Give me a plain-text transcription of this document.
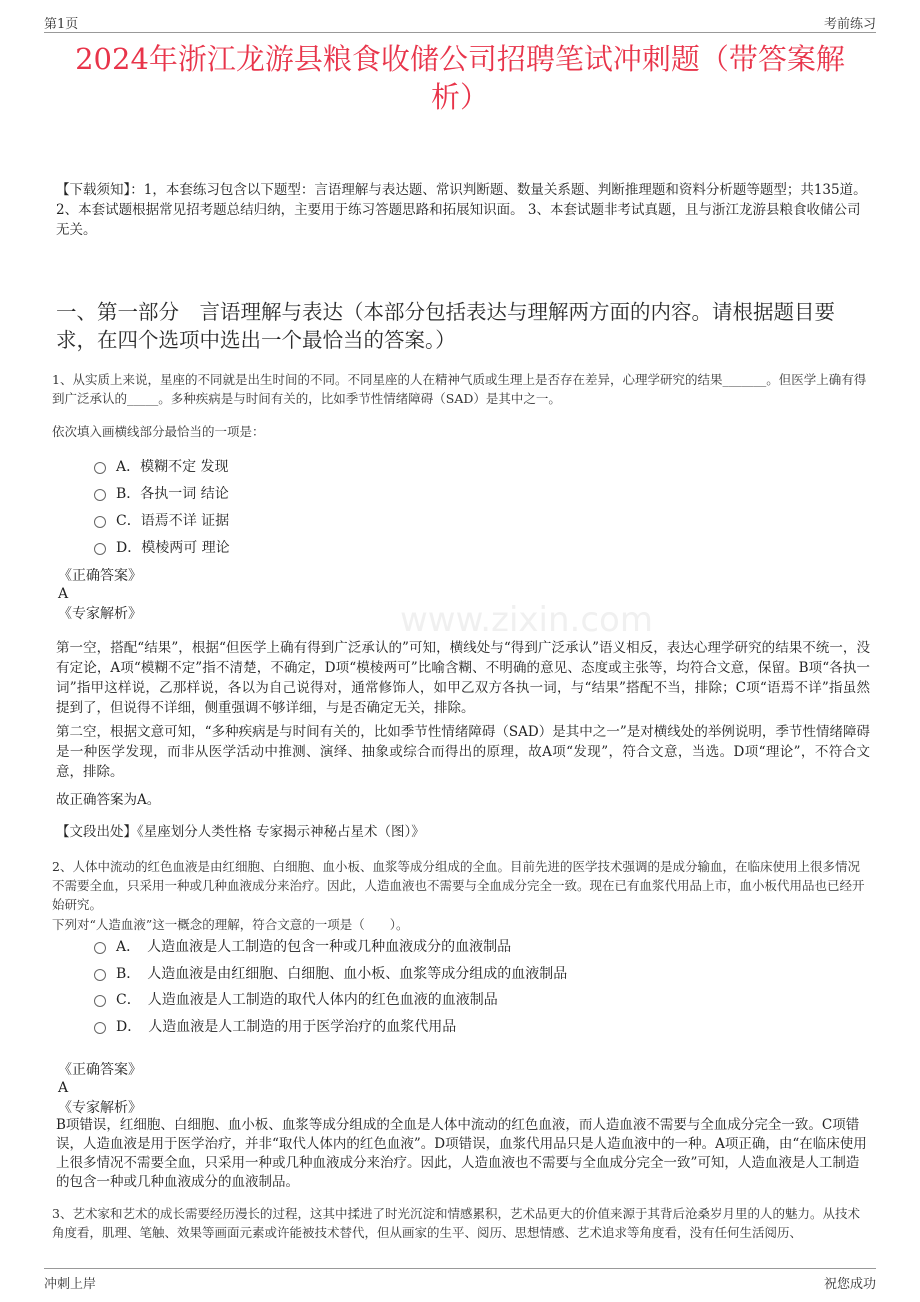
第1页	考前练习
www.zixin.com
2024年浙江龙游县粮食收储公司招聘笔试冲刺题（带答案解析）
【下载须知】：1，本套练习包含以下题型：言语理解与表达题、常识判断题、数量关系题、判断推理题和资料分析题等题型；共135道。 2、本套试题根据常见招考题总结归纳，主要用于练习答题思路和拓展知识面。 3、本套试题非考试真题，且与浙江龙游县粮食收储公司无关。
一、第一部分　言语理解与表达（本部分包括表达与理解两方面的内容。请根据题目要求，在四个选项中选出一个最恰当的答案。）
1、从实质上来说，星座的不同就是出生时间的不同。不同星座的人在精神气质或生理上是否存在差异，心理学研究的结果_______。但医学上确有得到广泛承认的_____。多种疾病是与时间有关的，比如季节性情绪障碍（SAD）是其中之一。
依次填入画横线部分最恰当的一项是：
A．模糊不定 发现
B．各执一词 结论
C．语焉不详 证据
D．模棱两可 理论
《正确答案》
A
《专家解析》
第一空，搭配“结果”，根据“但医学上确有得到广泛承认的”可知，横线处与“得到广泛承认”语义相反，表达心理学研究的结果不统一，没有定论，A项“模糊不定”指不清楚，不确定，D项“模棱两可”比喻含糊、不明确的意见、态度或主张等，均符合文意，保留。B项“各执一词”指甲这样说，乙那样说，各以为自己说得对，通常修饰人，如甲乙双方各执一词，与“结果”搭配不当，排除；C项“语焉不详”指虽然提到了，但说得不详细，侧重强调不够详细，与是否确定无关，排除。
第二空，根据文意可知，“多种疾病是与时间有关的，比如季节性情绪障碍（SAD）是其中之一”是对横线处的举例说明，季节性情绪障碍是一种医学发现，而非从医学活动中推测、演绎、抽象或综合而得出的原理，故A项“发现”，符合文意，当选。D项“理论”，不符合文意，排除。
故正确答案为A。
【文段出处】《星座划分人类性格 专家揭示神秘占星术（图）》
2、人体中流动的红色血液是由红细胞、白细胞、血小板、血浆等成分组成的全血。目前先进的医学技术强调的是成分输血，在临床使用上很多情况不需要全血，只采用一种或几种血液成分来治疗。因此，人造血液也不需要与全血成分完全一致。现在已有血浆代用品上市，血小板代用品也已经开始研究。
下列对“人造血液”这一概念的理解，符合文意的一项是（　　）。
A．　人造血液是人工制造的包含一种或几种血液成分的血液制品
B．　人造血液是由红细胞、白细胞、血小板、血浆等成分组成的血液制品
C．　人造血液是人工制造的取代人体内的红色血液的血液制品
D．　人造血液是人工制造的用于医学治疗的血浆代用品
《正确答案》
A
《专家解析》
B项错误，红细胞、白细胞、血小板、血浆等成分组成的全血是人体中流动的红色血液，而人造血液不需要与全血成分完全一致。C项错误，人造血液是用于医学治疗，并非“取代人体内的红色血液”。D项错误，血浆代用品只是人造血液中的一种。A项正确，由“在临床使用上很多情况不需要全血，只采用一种或几种血液成分来治疗。因此，人造血液也不需要与全血成分完全一致”可知，人造血液是人工制造的包含一种或几种血液成分的血液制品。
3、艺术家和艺术的成长需要经历漫长的过程，这其中揉进了时光沉淀和情感累积，艺术品更大的价值来源于其背后沧桑岁月里的人的魅力。从技术角度看，肌理、笔触、效果等画面元素或许能被技术替代，但从画家的生平、阅历、思想情感、艺术追求等角度看，没有任何生活阅历、
冲刺上岸	祝您成功
